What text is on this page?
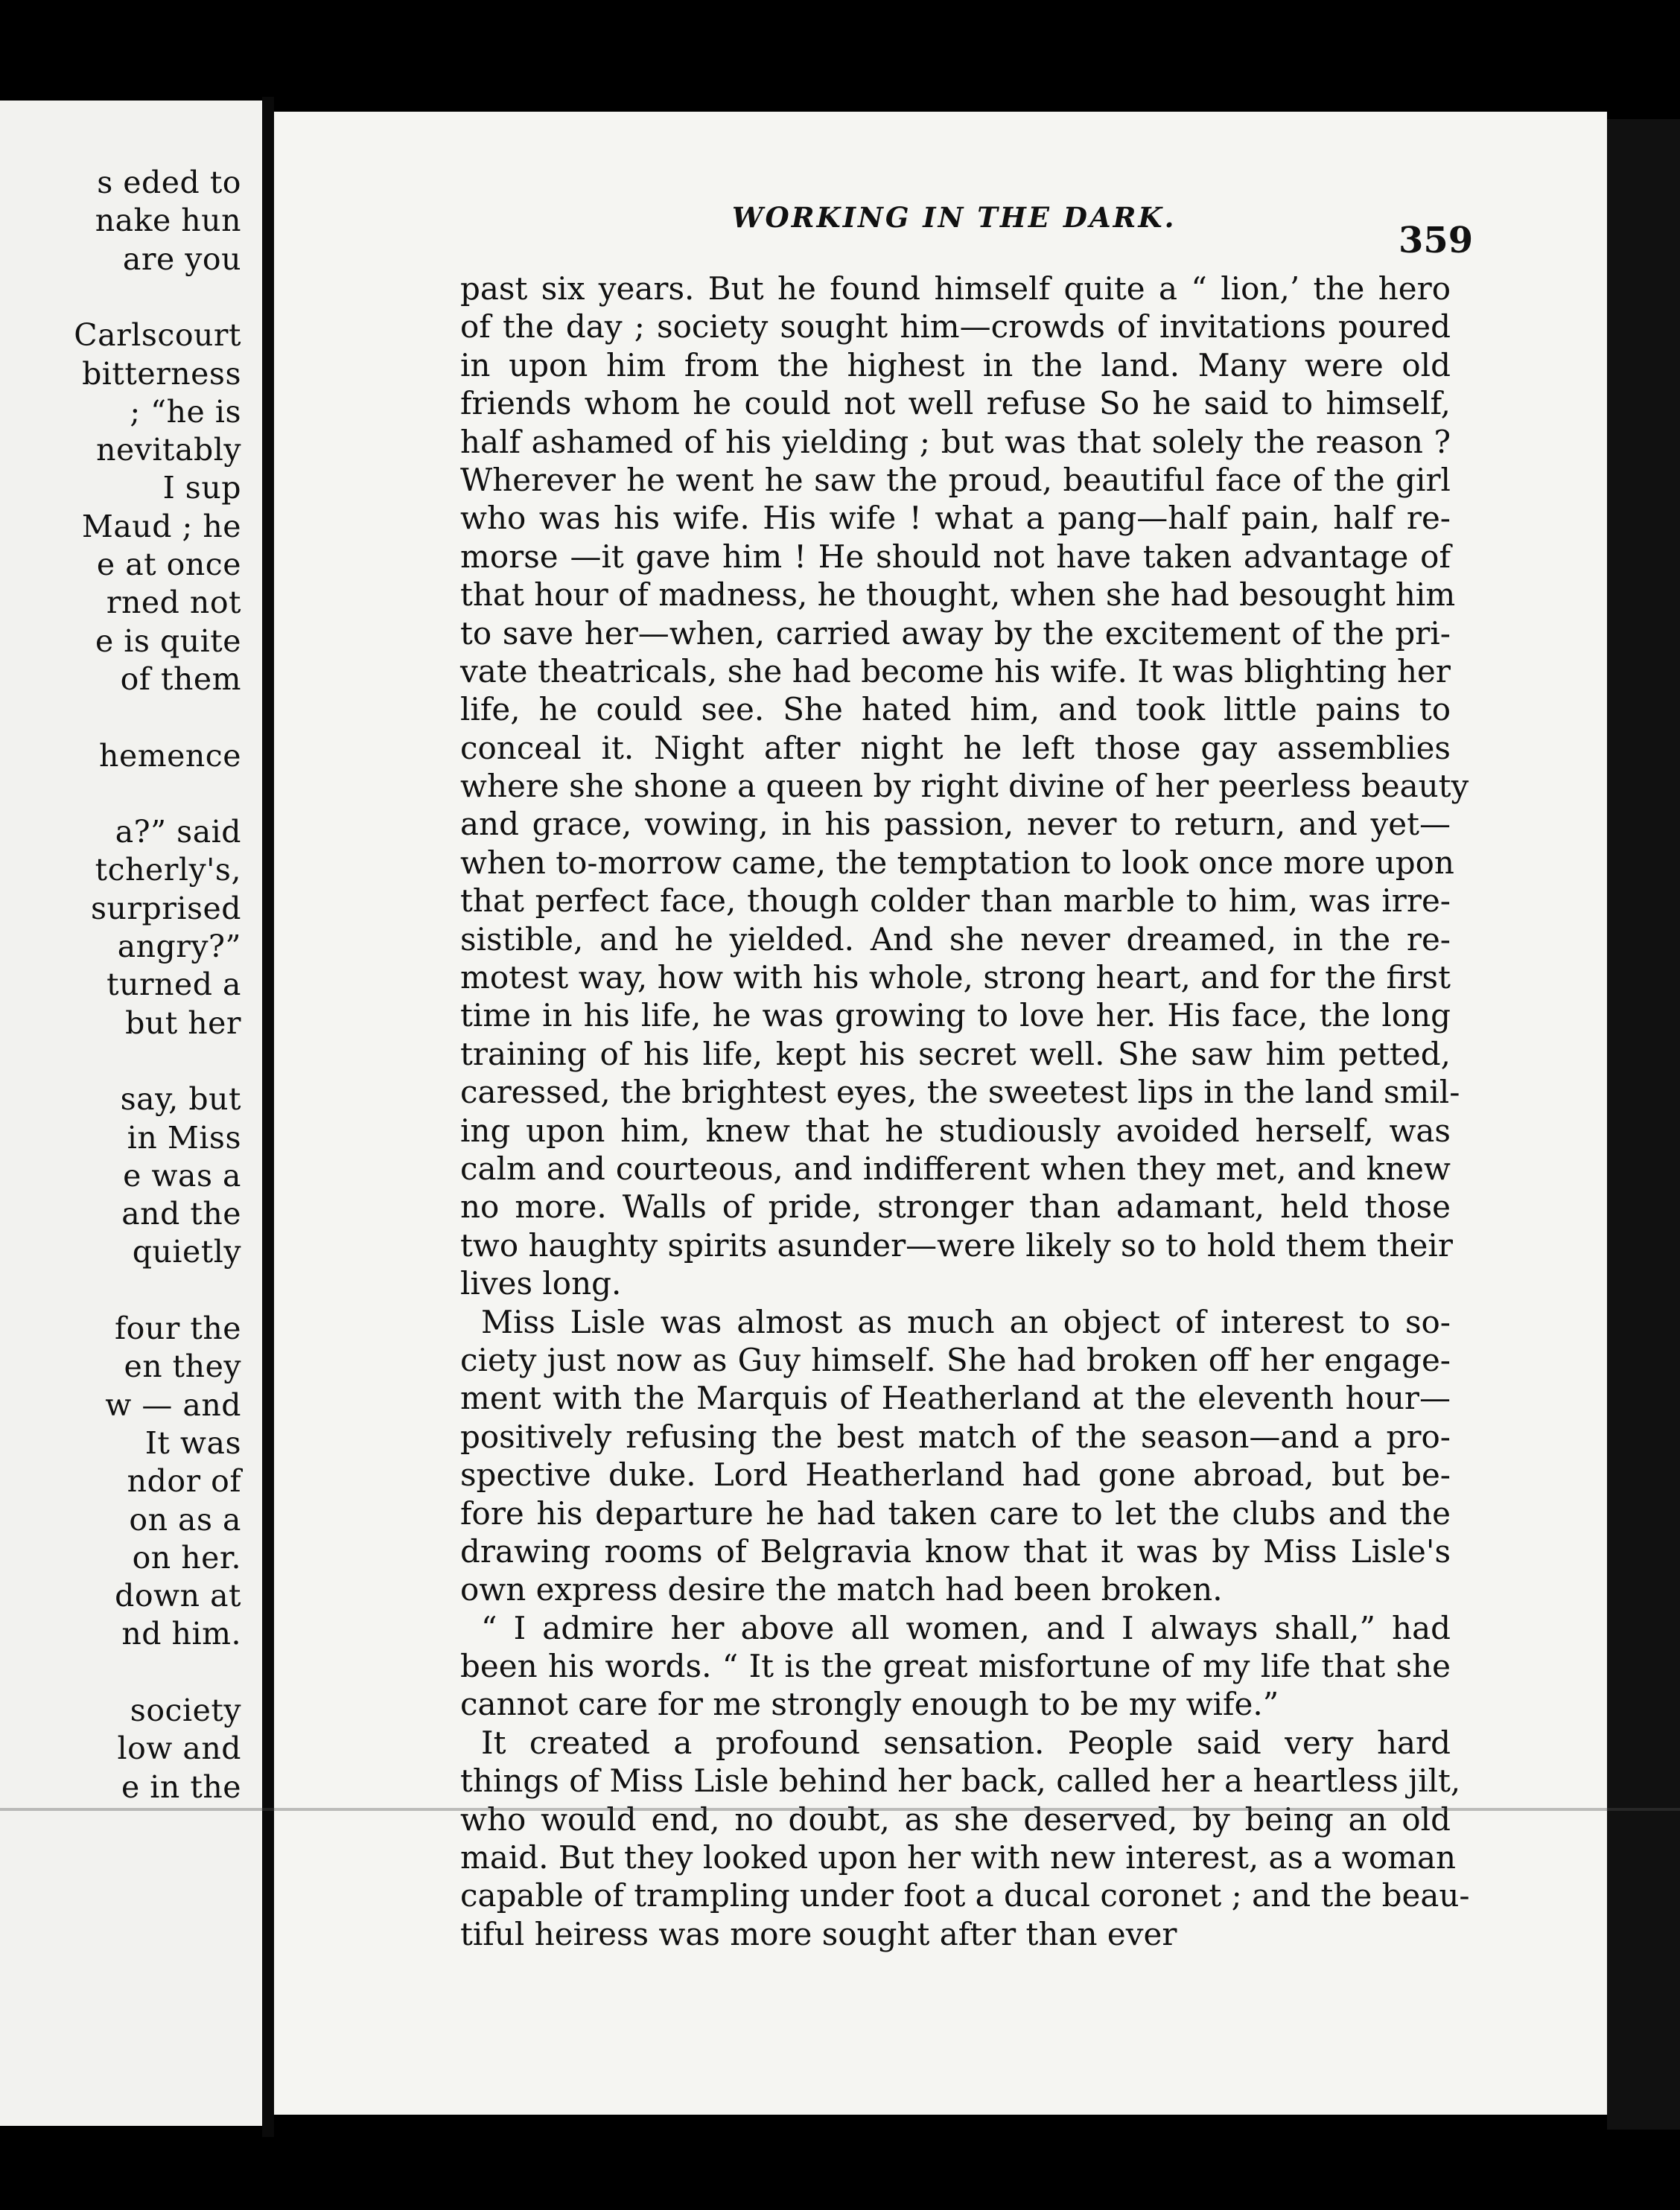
s eded to
nake hun
are you
Carlscourt
bitterness
; “he is
nevitably
I sup
Maud ; he
e at once
rned not
e is quite
of them
hemence
a?” said
tcherly's,
surprised
angry?”
turned a
but her
say, but
in Miss
e was a
and the
quietly
four the
en they
w — and
It was
ndor of
on as a
on her.
down at
nd him.
society
low and
e in the
WORKING IN THE DARK.
359
past six years. But he found himself quite a “ lion,’ the hero
of the day ; society sought him—crowds of invitations poured
in upon him from the highest in the land. Many were old
friends whom he could not well refuse So he said to himself,
half ashamed of his yielding ; but was that solely the reason ?
Wherever he went he saw the proud, beautiful face of the girl
who was his wife. His wife ! what a pang—half pain, half re-
morse —it gave him ! He should not have taken advantage of
that hour of madness, he thought, when she had besought him
to save her—when, carried away by the excitement of the pri-
vate theatricals, she had become his wife. It was blighting her
life, he could see. She hated him, and took little pains to
conceal it. Night after night he left those gay assemblies
where she shone a queen by right divine of her peerless beauty
and grace, vowing, in his passion, never to return, and yet—
when to-morrow came, the temptation to look once more upon
that perfect face, though colder than marble to him, was irre-
sistible, and he yielded. And she never dreamed, in the re-
motest way, how with his whole, strong heart, and for the first
time in his life, he was growing to love her. His face, the long
training of his life, kept his secret well. She saw him petted,
caressed, the brightest eyes, the sweetest lips in the land smil-
ing upon him, knew that he studiously avoided herself, was
calm and courteous, and indifferent when they met, and knew
no more. Walls of pride, stronger than adamant, held those
two haughty spirits asunder—were likely so to hold them their
lives long.
Miss Lisle was almost as much an object of interest to so-
ciety just now as Guy himself. She had broken off her engage-
ment with the Marquis of Heatherland at the eleventh hour—
positively refusing the best match of the season—and a pro-
spective duke. Lord Heatherland had gone abroad, but be-
fore his departure he had taken care to let the clubs and the
drawing rooms of Belgravia know that it was by Miss Lisle's
own express desire the match had been broken.
“ I admire her above all women, and I always shall,” had
been his words. “ It is the great misfortune of my life that she
cannot care for me strongly enough to be my wife.”
It created a profound sensation. People said very hard
things of Miss Lisle behind her back, called her a heartless jilt,
who would end, no doubt, as she deserved, by being an old
maid. But they looked upon her with new interest, as a woman
capable of trampling under foot a ducal coronet ; and the beau-
tiful heiress was more sought after than ever
